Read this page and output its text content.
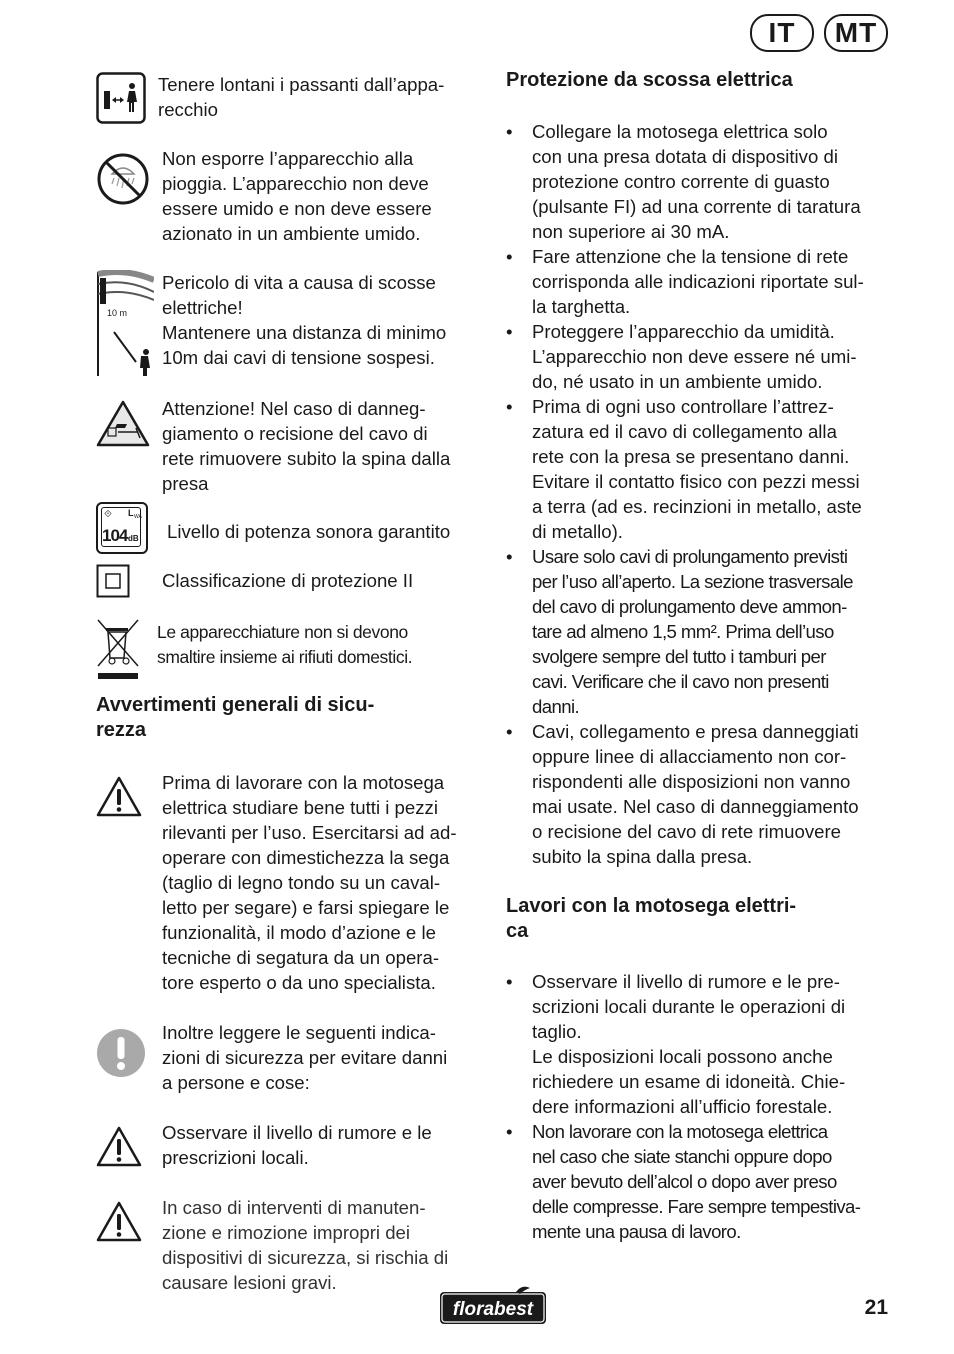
IT	MT
Tenere lontani i passanti dall’appa-
recchio
Non esporre l’apparecchio alla
pioggia. L’apparecchio non deve
essere umido e non deve essere
azionato in un ambiente umido.
10 m
Pericolo di vita a causa di scosse
elettriche!
Mantenere una distanza di minimo
10m dai cavi di tensione sospesi.
Attenzione! Nel caso di danneg-
giamento o recisione del cavo di
rete rimuovere subito la spina dalla
presa
⟐ L WA
104 dB Livello di potenza sonora garantito
Classificazione di protezione II
Le apparecchiature non si devono
smaltire insieme ai rifiuti domestici.
Avvertimenti generali di sicu-
rezza
Prima di lavorare con la motosega
elettrica studiare bene tutti i pezzi
rilevanti per l’uso. Esercitarsi ad ad-
operare con dimestichezza la sega
(taglio di legno tondo su un caval-
letto per segare) e farsi spiegare le
funzionalità, il modo d’azione e le
tecniche di segatura da un opera-
tore esperto o da uno specialista.
Inoltre leggere le seguenti indica-
zioni di sicurezza per evitare danni
a persone e cose:
Osservare il livello di rumore e le
prescrizioni locali.
In caso di interventi di manuten-
zione e rimozione impropri dei
dispositivi di sicurezza, si rischia di
causare lesioni gravi.
Protezione da scossa elettrica
• Collegare la motosega elettrica solo
con una presa dotata di dispositivo di
protezione contro corrente di guasto
(pulsante FI) ad una corrente di taratura
non superiore ai 30 mA.
• Fare attenzione che la tensione di rete
corrisponda alle indicazioni riportate sul-
la targhetta.
• Proteggere l’apparecchio da umidità.
L’apparecchio non deve essere né umi-
do, né usato in un ambiente umido.
• Prima di ogni uso controllare l’attrez-
zatura ed il cavo di collegamento alla
rete con la presa se presentano danni.
Evitare il contatto fisico con pezzi messi
a terra (ad es. recinzioni in metallo, aste
di metallo).
• Usare solo cavi di prolungamento previsti
per l’uso all’aperto. La sezione trasversale
del cavo di prolungamento deve ammon-
tare ad almeno 1,5 mm². Prima dell’uso
svolgere sempre del tutto i tamburi per
cavi. Verificare che il cavo non presenti
danni.
• Cavi, collegamento e presa danneggiati
oppure linee di allacciamento non cor-
rispondenti alle disposizioni non vanno
mai usate. Nel caso di danneggiamento
o recisione del cavo di rete rimuovere
subito la spina dalla presa.
Lavori con la motosega elettri-
ca
• Osservare il livello di rumore e le pre-
scrizioni locali durante le operazioni di
taglio.
Le disposizioni locali possono anche
richiedere un esame di idoneità. Chie-
dere informazioni all’ufficio forestale.
• Non lavorare con la motosega elettrica
nel caso che siate stanchi oppure dopo
aver bevuto dell’alcol o dopo aver preso
delle compresse. Fare sempre tempestiva-
mente una pausa di lavoro.
florabest	21
